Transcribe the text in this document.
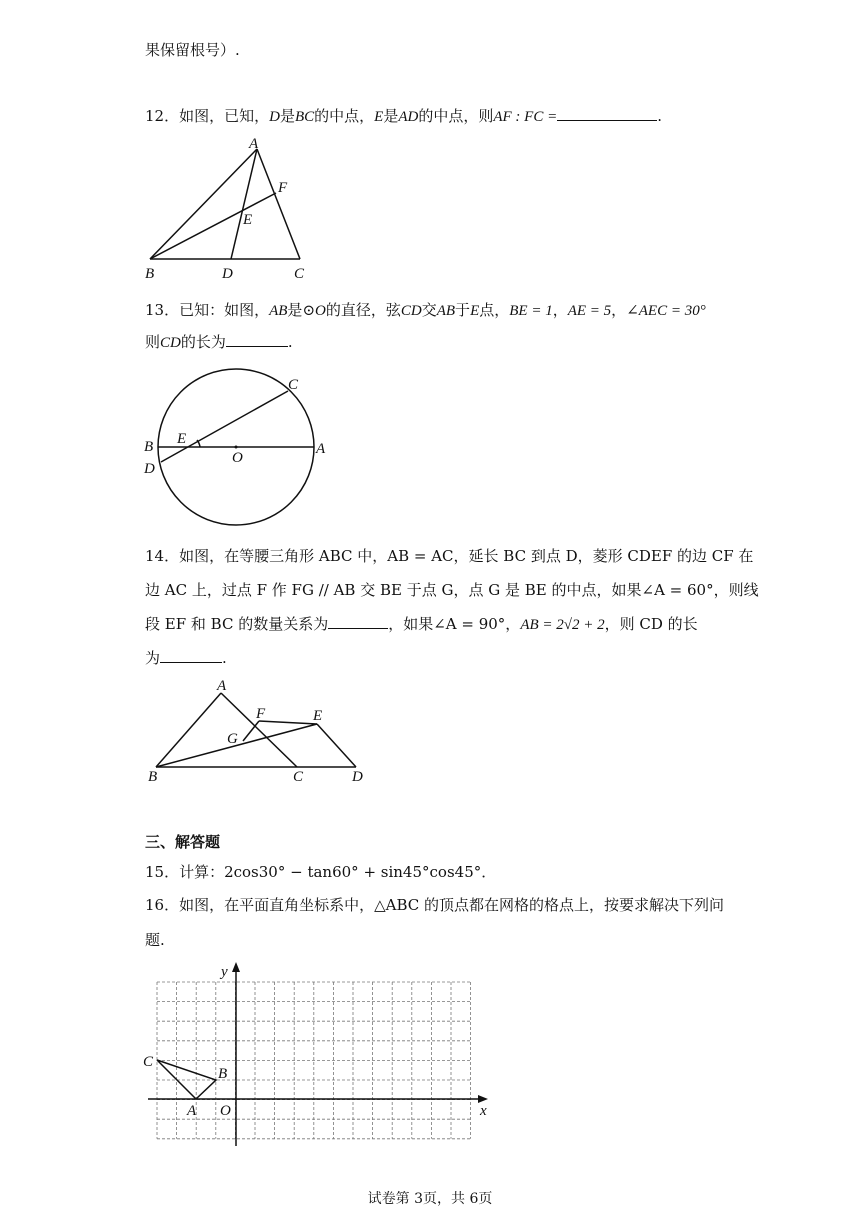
果保留根号）.
12．如图，已知，D是BC的中点，E是AD的中点，则AF : FC =	.
A
B	C
D
E
F
13．已知：如图，AB是⊙O的直径，弦CD交AB于E点，BE = 1，AE = 5，∠AEC = 30°
则CD的长为	.
C
B
D
E
O
A
14．如图，在等腰三角形 ABC 中，AB = AC，延长 BC 到点 D，菱形 CDEF 的边 CF 在
边 AC 上，过点 F 作 FG // AB 交 BE 于点 G，点 G 是 BE 的中点，如果∠A = 60°，则线
段 EF 和 BC 的数量关系为	，如果∠A = 90°，AB = 2√2 + 2，则 CD 的长
为	.
A
B	C	D
E
F
G
三、解答题
15．计算：2cos30° − tan60° + sin45°cos45°．
16．如图，在平面直角坐标系中，△ABC 的顶点都在网格的格点上，按要求解决下列问
题.
x
y
O
A
B
C
试卷第 3页，共 6页
